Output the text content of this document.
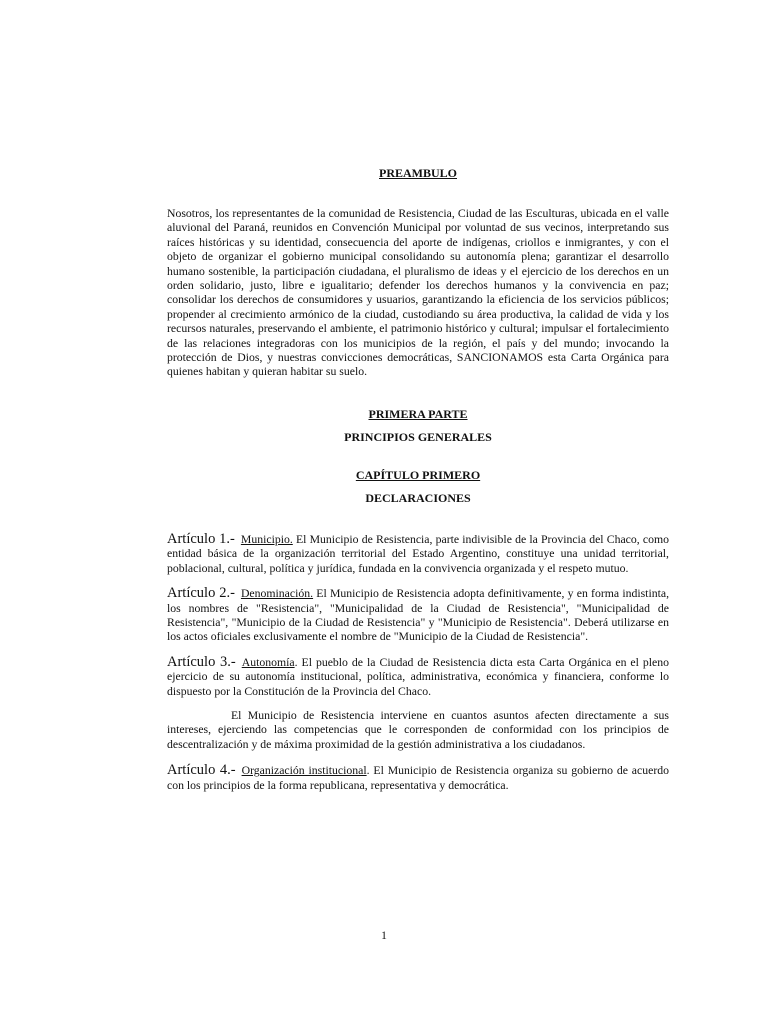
PREAMBULO

Nosotros, los representantes de la comunidad de Resistencia, Ciudad de las Esculturas, ubicada en el valle aluvional del Paraná, reunidos en Convención Municipal por voluntad de sus vecinos, interpretando sus raíces históricas y su identidad, consecuencia del aporte de indígenas, criollos e inmigrantes, y con el objeto de organizar el gobierno municipal consolidando su autonomía plena; garantizar el desarrollo humano sostenible, la participación ciudadana, el pluralismo de ideas y el ejercicio de los derechos en un orden solidario, justo, libre e igualitario; defender los derechos humanos y la convivencia en paz; consolidar los derechos de consumidores y usuarios, garantizando la eficiencia de los servicios públicos; propender al crecimiento armónico de la ciudad, custodiando su área productiva, la calidad de vida y los recursos naturales, preservando el ambiente, el patrimonio histórico y cultural; impulsar el fortalecimiento de las relaciones integradoras con los municipios de la región, el país y del mundo; invocando la protección de Dios, y nuestras convicciones democráticas, SANCIONAMOS esta Carta Orgánica para quienes habitan y quieran habitar su suelo.

PRIMERA PARTE
PRINCIPIOS GENERALES
CAPÍTULO PRIMERO
DECLARACIONES

Artículo 1.- Municipio. El Municipio de Resistencia, parte indivisible de la Provincia del Chaco, como entidad básica de la organización territorial del Estado Argentino, constituye una unidad territorial, poblacional, cultural, política y jurídica, fundada en la convivencia organizada y el respeto mutuo.

Artículo 2.- Denominación. El Municipio de Resistencia adopta definitivamente, y en forma indistinta, los nombres de "Resistencia", "Municipalidad de la Ciudad de Resistencia", "Municipalidad de Resistencia", "Municipio de la Ciudad de Resistencia" y "Municipio de Resistencia". Deberá utilizarse en los actos oficiales exclusivamente el nombre de "Municipio de la Ciudad de Resistencia".

Artículo 3.- Autonomía. El pueblo de la Ciudad de Resistencia dicta esta Carta Orgánica en el pleno ejercicio de su autonomía institucional, política, administrativa, económica y financiera, conforme lo dispuesto por la Constitución de la Provincia del Chaco.

El Municipio de Resistencia interviene en cuantos asuntos afecten directamente a sus intereses, ejerciendo las competencias que le corresponden de conformidad con los principios de descentralización y de máxima proximidad de la gestión administrativa a los ciudadanos.

Artículo 4.- Organización institucional. El Municipio de Resistencia organiza su gobierno de acuerdo con los principios de la forma republicana, representativa y democrática.

1
